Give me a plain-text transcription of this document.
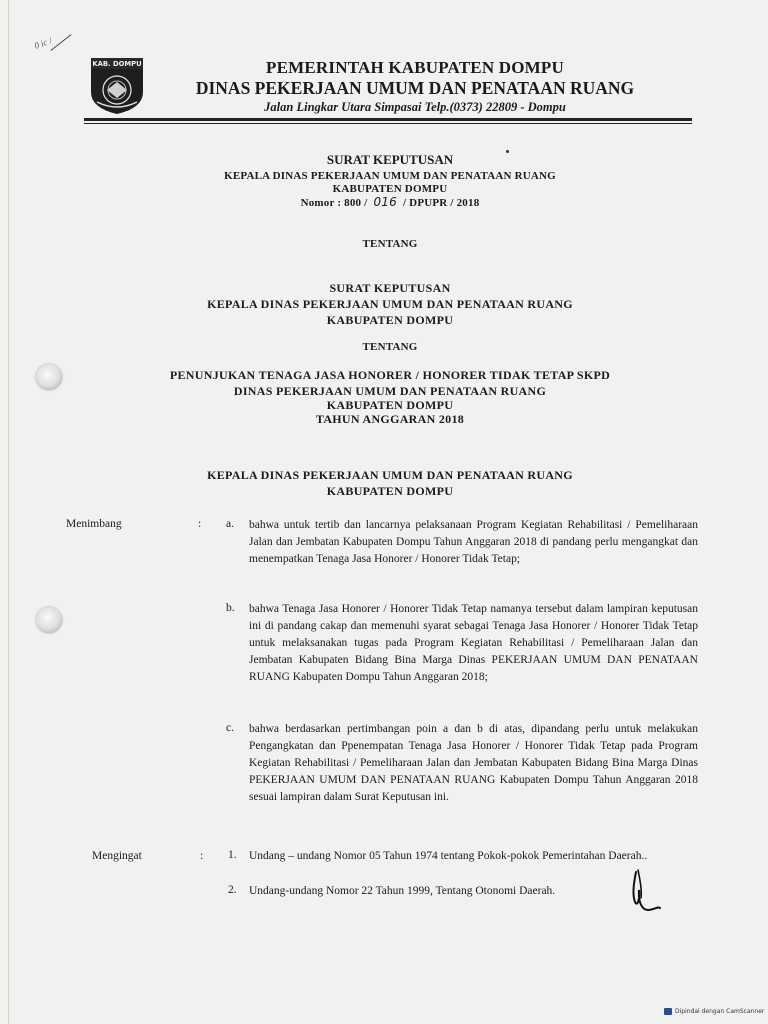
0 ic /
KAB. DOMPU	PEMERINTAH KABUPATEN DOMPU
DINAS PEKERJAAN UMUM DAN PENATAAN RUANG
Jalan Lingkar Utara Simpasai Telp.(0373) 22809 - Dompu
SURAT KEPUTUSAN
KEPALA DINAS PEKERJAAN UMUM DAN PENATAAN RUANG
KABUPATEN DOMPU
Nomor : 800 / 016 / DPUPR / 2018
TENTANG
SURAT KEPUTUSAN
KEPALA DINAS PEKERJAAN UMUM DAN PENATAAN RUANG
KABUPATEN DOMPU
TENTANG
PENUNJUKAN TENAGA JASA HONORER / HONORER TIDAK TETAP SKPD
DINAS PEKERJAAN UMUM DAN PENATAAN RUANG
KABUPATEN DOMPU
TAHUN ANGGARAN 2018
KEPALA DINAS PEKERJAAN UMUM DAN PENATAAN RUANG
KABUPATEN DOMPU
Menimbang	: a. bahwa untuk tertib dan lancarnya pelaksanaan Program Kegiatan Rehabilitasi / Pemeliharaan Jalan dan Jembatan Kabupaten Dompu Tahun Anggaran 2018 di pandang perlu mengangkat dan menempatkan Tenaga Jasa Honorer / Honorer Tidak Tetap;
b. bahwa Tenaga Jasa Honorer / Honorer Tidak Tetap namanya tersebut dalam lampiran keputusan ini di pandang cakap dan memenuhi syarat sebagai Tenaga Jasa Honorer / Honorer Tidak Tetap untuk melaksanakan tugas pada Program Kegiatan Rehabilitasi / Pemeliharaan Jalan dan Jembatan Kabupaten Bidang Bina Marga Dinas PEKERJAAN UMUM DAN PENATAAN RUANG Kabupaten Dompu Tahun Anggaran 2018;
c. bahwa berdasarkan pertimbangan poin a dan b di atas, dipandang perlu untuk melakukan Pengangkatan dan Ppenempatan Tenaga Jasa Honorer / Honorer Tidak Tetap pada Program Kegiatan Rehabilitasi / Pemeliharaan Jalan dan Jembatan Kabupaten Bidang Bina Marga Dinas PEKERJAAN UMUM DAN PENATAAN RUANG Kabupaten Dompu Tahun Anggaran 2018 sesuai lampiran dalam Surat Keputusan ini.
Mengingat	: 1. Undang – undang Nomor 05 Tahun 1974 tentang Pokok-pokok Pemerintahan Daerah..
2. Undang-undang Nomor 22 Tahun 1999, Tentang Otonomi Daerah.
Dipindai dengan CamScanner
